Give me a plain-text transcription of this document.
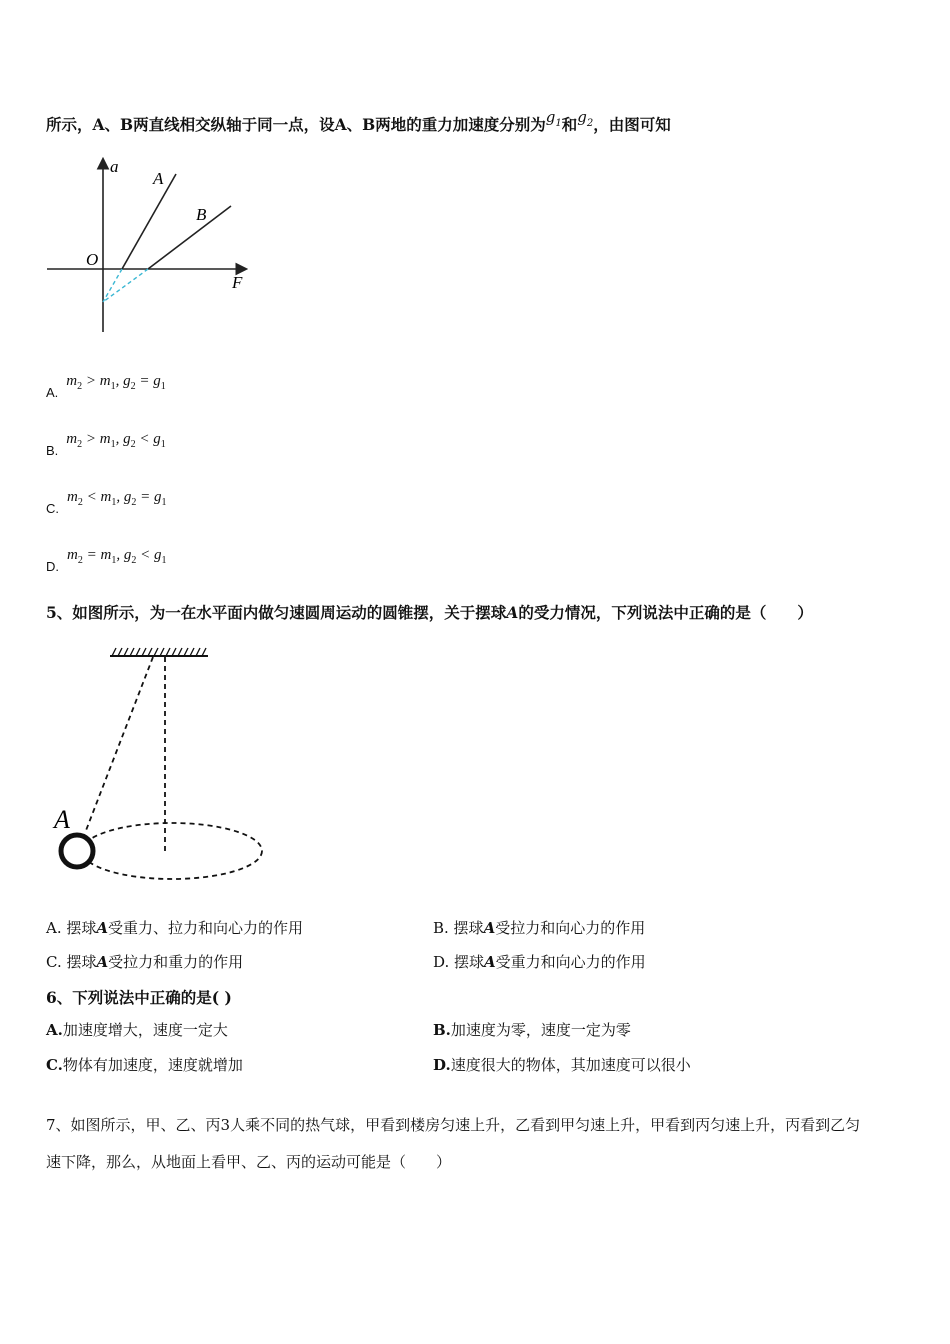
所示，A、B两直线相交纵轴于同一点，设A、B两地的重力加速度分别为$g_1$和$g_2$，由图可知
a
F
O
A
B
$_{A.}m_2 > m_1$, $g_2 = g_1$
$_{B.}m_2 > m_1$, $g_2 < g_1$
$_{C.}m_2 < m_1$, $g_2 = g_1$
$_{D.}m_2 = m_1$, $g_2 < g_1$
5、如图所示，为一在水平面内做匀速圆周运动的圆锥摆，关于摆球A的受力情况，下列说法中正确的是（　　）
A
A. 摆球A受重力、拉力和向心力的作用	B. 摆球A受拉力和向心力的作用
C. 摆球A受拉力和重力的作用	D. 摆球A受重力和向心力的作用
6、下列说法中正确的是( )
A.加速度增大，速度一定大	B.加速度为零，速度一定为零
C.物体有加速度，速度就增加	D.速度很大的物体，其加速度可以很小
7、如图所示，甲、乙、丙3人乘不同的热气球，甲看到楼房匀速上升，乙看到甲匀速上升，甲看到丙匀速上升，丙看到乙匀
速下降，那么，从地面上看甲、乙、丙的运动可能是（　　）
